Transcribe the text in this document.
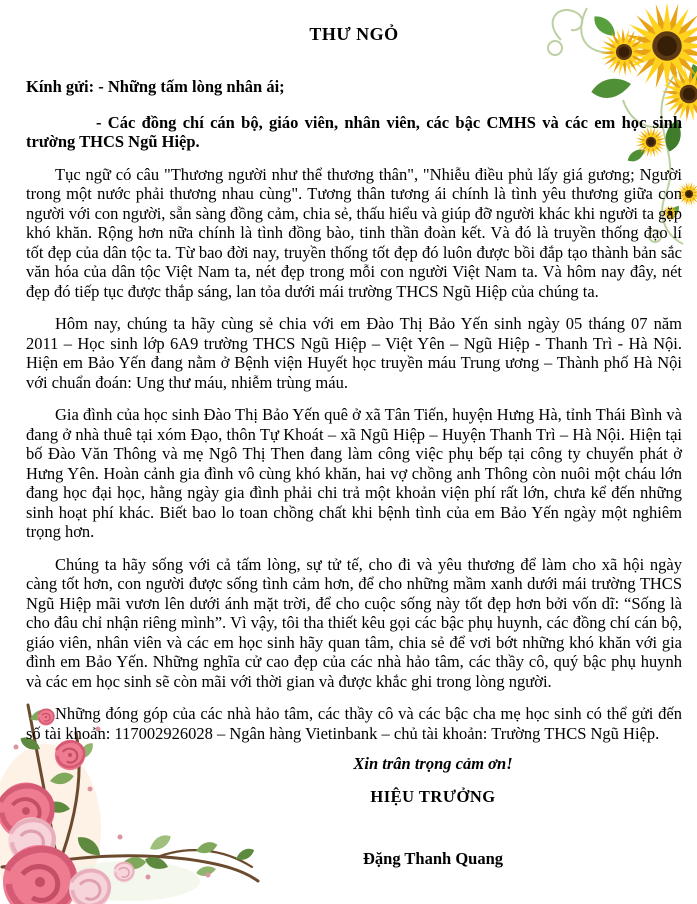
THƯ NGỎ

Kính gửi: - Những tấm lòng nhân ái;

- Các đồng chí cán bộ, giáo viên, nhân viên, các bậc CMHS và các em học sinh trường THCS Ngũ Hiệp.

Tục ngữ có câu "Thương người như thể thương thân", "Nhiễu điều phủ lấy giá gương; Người trong một nước phải thương nhau cùng". Tương thân tương ái chính là tình yêu thương giữa con người với con người, sẵn sàng đồng cảm, chia sẻ, thấu hiểu và giúp đỡ người khác khi người ta gặp khó khăn. Rộng hơn nữa chính là tình đồng bào, tinh thần đoàn kết. Và đó là truyền thống đạo lí tốt đẹp của dân tộc ta. Từ bao đời nay, truyền thống tốt đẹp đó luôn được bồi đắp tạo thành bản sắc văn hóa của dân tộc Việt Nam ta, nét đẹp trong mỗi con người Việt Nam ta. Và hôm nay đây, nét đẹp đó tiếp tục được thắp sáng, lan tỏa dưới mái trường THCS Ngũ Hiệp của chúng ta.

Hôm nay, chúng ta hãy cùng sẻ chia với em Đào Thị Bảo Yến sinh ngày 05 tháng 07 năm 2011 – Học sinh lớp 6A9 trường THCS Ngũ Hiệp – Việt Yên – Ngũ Hiệp - Thanh Trì - Hà Nội. Hiện em Bảo Yến đang nằm ở Bệnh viện Huyết học truyền máu Trung ương – Thành phố Hà Nội với chuẩn đoán: Ung thư máu, nhiễm trùng máu.

Gia đình của học sinh Đào Thị Bảo Yến quê ở xã Tân Tiến, huyện Hưng Hà, tỉnh Thái Bình và đang ở nhà thuê tại xóm Đạo, thôn Tự Khoát – xã Ngũ Hiệp – Huyện Thanh Trì – Hà Nội. Hiện tại bố Đào Văn Thông và mẹ Ngô Thị Then đang làm công việc phụ bếp tại công ty chuyển phát ở Hưng Yên. Hoàn cảnh gia đình vô cùng khó khăn, hai vợ chồng anh Thông còn nuôi một cháu lớn đang học đại học, hằng ngày gia đình phải chi trả một khoản viện phí rất lớn, chưa kể đến những sinh hoạt phí khác. Biết bao lo toan chồng chất khi bệnh tình của em Bảo Yến ngày một nghiêm trọng hơn.

Chúng ta hãy sống với cả tấm lòng, sự tử tế, cho đi và yêu thương để làm cho xã hội ngày càng tốt hơn, con người được sống tình cảm hơn, để cho những mầm xanh dưới mái trường THCS Ngũ Hiệp mãi vươn lên dưới ánh mặt trời, để cho cuộc sống này tốt đẹp hơn bởi vốn dĩ: “Sống là cho đâu chỉ nhận riêng mình”. Vì vậy, tôi tha thiết kêu gọi các bậc phụ huynh, các đồng chí cán bộ, giáo viên, nhân viên và các em học sinh hãy quan tâm, chia sẻ để vơi bớt những khó khăn với gia đình em Bảo Yến. Những nghĩa cử cao đẹp của các nhà hảo tâm, các thầy cô, quý bậc phụ huynh và các em học sinh sẽ còn mãi với thời gian và được khắc ghi trong lòng người.

Những đóng góp của các nhà hảo tâm, các thầy cô và các bậc cha mẹ học sinh có thể gửi đến số tài khoản: 117002926028 – Ngân hàng Vietinbank – chủ tài khoản: Trường THCS Ngũ Hiệp.

Xin trân trọng cảm ơn!

HIỆU TRƯỞNG

Đặng Thanh Quang
